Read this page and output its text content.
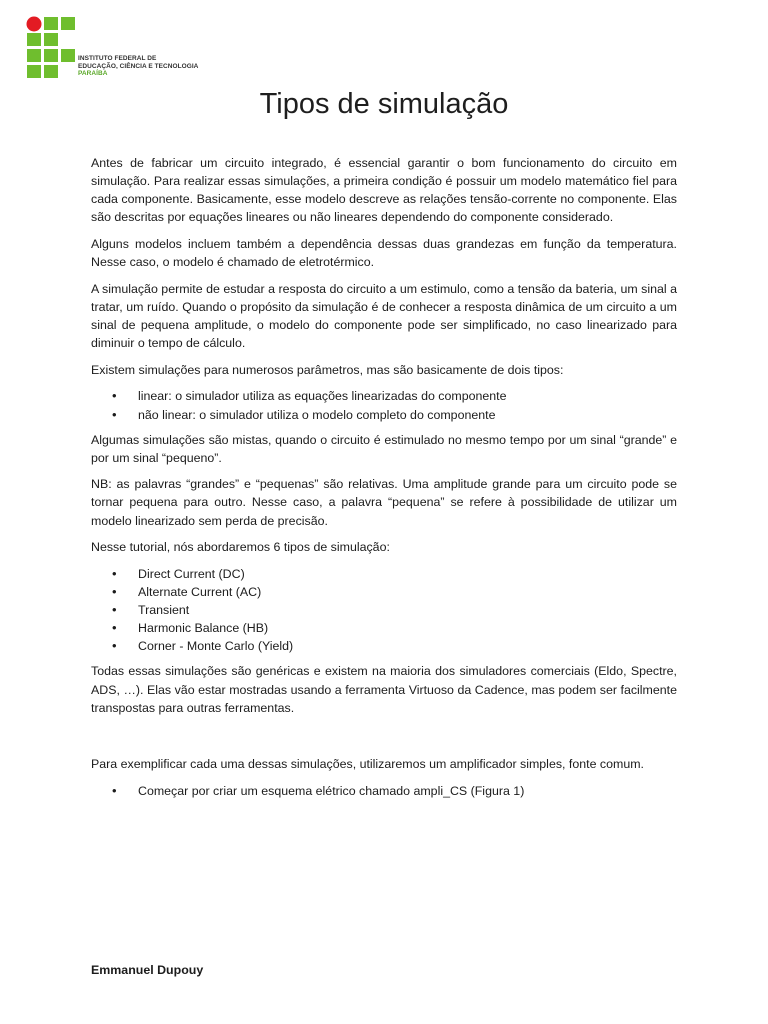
INSTITUTO FEDERAL DE
EDUCAÇÃO, CIÊNCIA E TECNOLOGIA
PARAÍBA
Tipos de simulação

Antes de fabricar um circuito integrado, é essencial garantir o bom funcionamento do circuito em simulação. Para realizar essas simulações, a primeira condição é possuir um modelo matemático fiel para cada componente. Basicamente, esse modelo descreve as relações tensão-corrente no componente. Elas são descritas por equações lineares ou não lineares dependendo do componente considerado.

Alguns modelos incluem também a dependência dessas duas grandezas em função da temperatura. Nesse caso, o modelo é chamado de eletrotérmico.

A simulação permite de estudar a resposta do circuito a um estimulo, como a tensão da bateria, um sinal a tratar, um ruído. Quando o propósito da simulação é de conhecer a resposta dinâmica de um circuito a um sinal de pequena amplitude, o modelo do componente pode ser simplificado, no caso linearizado para diminuir o tempo de cálculo.

Existem simulações para numerosos parâmetros, mas são basicamente de dois tipos:

• linear: o simulador utiliza as equações linearizadas do componente
• não linear: o simulador utiliza o modelo completo do componente

Algumas simulações são mistas, quando o circuito é estimulado no mesmo tempo por um sinal “grande” e por um sinal “pequeno”.

NB: as palavras “grandes” e “pequenas” são relativas. Uma amplitude grande para um circuito pode se tornar pequena para outro. Nesse caso, a palavra “pequena” se refere à possibilidade de utilizar um modelo linearizado sem perda de precisão.

Nesse tutorial, nós abordaremos 6 tipos de simulação:

• Direct Current (DC)
• Alternate Current (AC)
• Transient
• Harmonic Balance (HB)
• Corner - Monte Carlo (Yield)

Todas essas simulações são genéricas e existem na maioria dos simuladores comerciais (Eldo, Spectre, ADS, …). Elas vão estar mostradas usando a ferramenta Virtuoso da Cadence, mas podem ser facilmente transpostas para outras ferramentas.

Para exemplificar cada uma dessas simulações, utilizaremos um amplificador simples, fonte comum.

• Começar por criar um esquema elétrico chamado ampli_CS (Figura 1)
Emmanuel Dupouy
